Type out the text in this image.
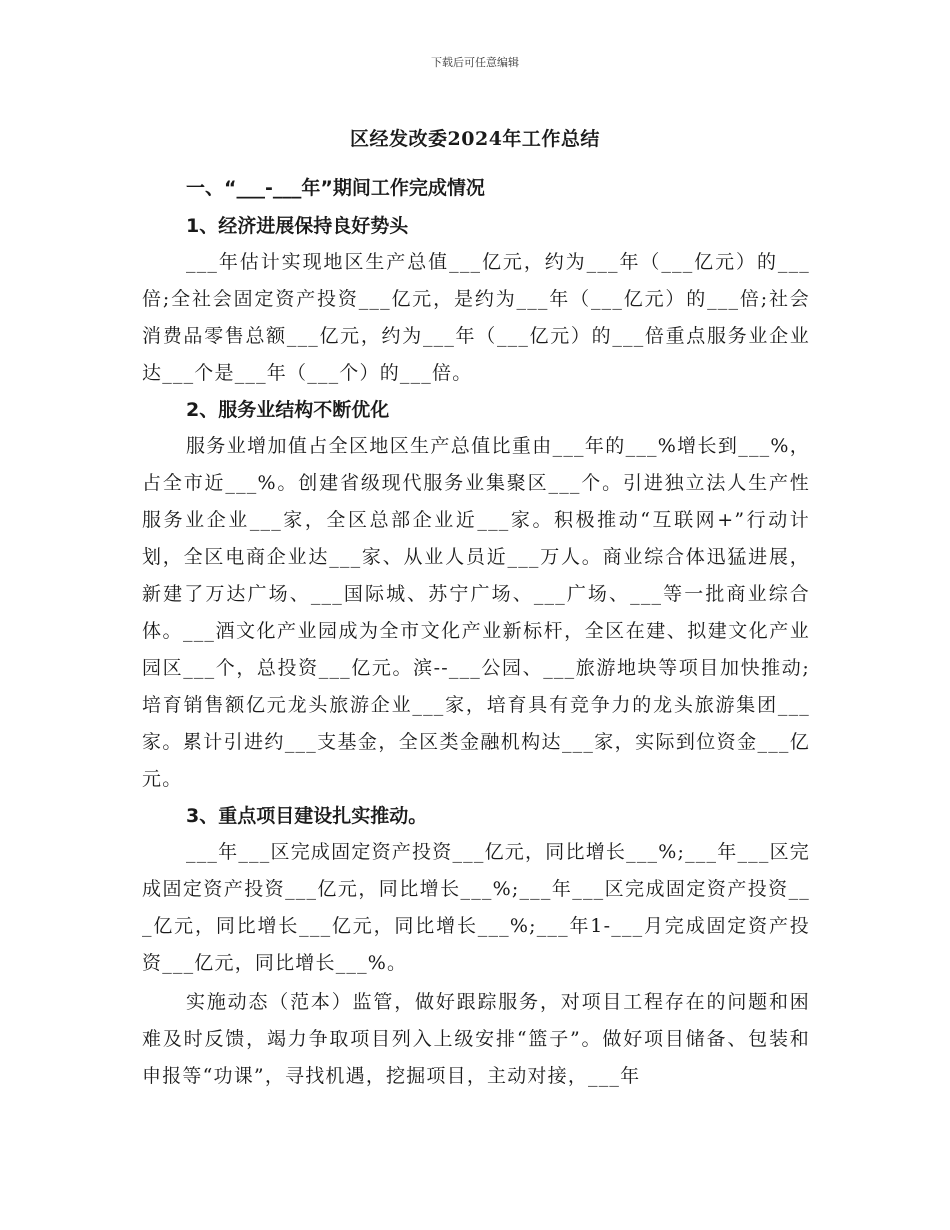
下载后可任意编辑
区经发改委2024年工作总结
一、“___-___年”期间工作完成情况
1、经济进展保持良好势头

___年估计实现地区生产总值___亿元，约为___年（___亿元）的___倍;全社会固定资产投资___亿元，是约为___年（___亿元）的___倍;社会消费品零售总额___亿元，约为___年（___亿元）的___倍重点服务业企业达___个是___年（___个）的___倍。

2、服务业结构不断优化

服务业增加值占全区地区生产总值比重由___年的___%增长到___%，占全市近___%。创建省级现代服务业集聚区___个。引进独立法人生产性服务业企业___家，全区总部企业近___家。积极推动“互联网+”行动计划，全区电商企业达___家、从业人员近___万人。商业综合体迅猛进展，新建了万达广场、___国际城、苏宁广场、___广场、___等一批商业综合体。___酒文化产业园成为全市文化产业新标杆，全区在建、拟建文化产业园区___个，总投资___亿元。滨--___公园、___旅游地块等项目加快推动;培育销售额亿元龙头旅游企业___家，培育具有竞争力的龙头旅游集团___家。累计引进约___支基金，全区类金融机构达___家，实际到位资金___亿元。

3、重点项目建设扎实推动。

___年___区完成固定资产投资___亿元，同比增长___%;___年___区完成固定资产投资___亿元，同比增长___%;___年___区完成固定资产投资___亿元，同比增长___亿元，同比增长___%;___年1-___月完成固定资产投资___亿元，同比增长___%。

实施动态（范本）监管，做好跟踪服务，对项目工程存在的问题和困难及时反馈，竭力争取项目列入上级安排“篮子”。做好项目储备、包装和申报等“功课”，寻找机遇，挖掘项目，主动对接，___年
